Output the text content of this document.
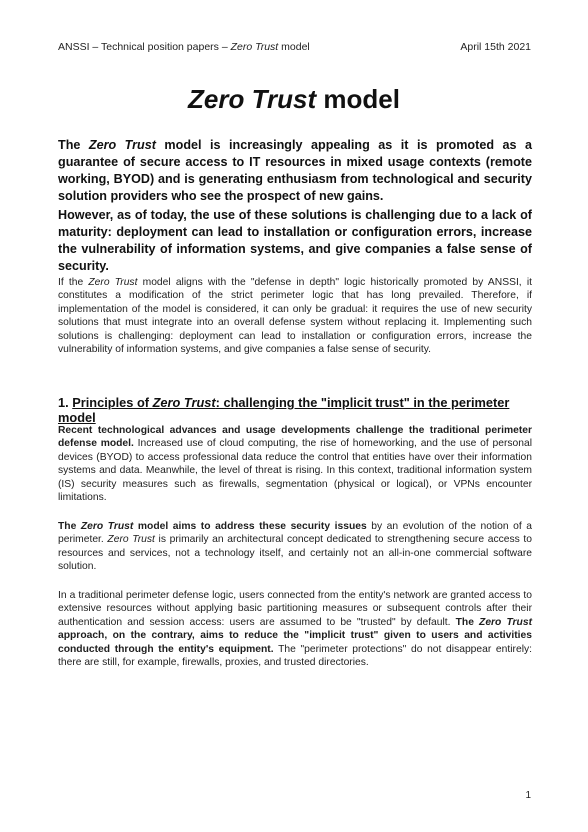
ANSSI – Technical position papers – Zero Trust model	April 15th 2021
Zero Trust model

The Zero Trust model is increasingly appealing as it is promoted as a guarantee of secure access to IT resources in mixed usage contexts (remote working, BYOD) and is generating enthusiasm from technological and security solution providers who see the prospect of new gains.

However, as of today, the use of these solutions is challenging due to a lack of maturity: deployment can lead to installation or configuration errors, increase the vulnerability of information systems, and give companies a false sense of security.

If the Zero Trust model aligns with the "defense in depth" logic historically promoted by ANSSI, it constitutes a modification of the strict perimeter logic that has long prevailed. Therefore, if implementation of the model is considered, it can only be gradual: it requires the use of new security solutions that must integrate into an overall defense system without replacing it. Implementing such solutions is challenging: deployment can lead to installation or configuration errors, increase the vulnerability of information systems, and give companies a false sense of security.

1. Principles of Zero Trust: challenging the "implicit trust" in the perimeter model

Recent technological advances and usage developments challenge the traditional perimeter defense model. Increased use of cloud computing, the rise of homeworking, and the use of personal devices (BYOD) to access professional data reduce the control that entities have over their information systems and data. Meanwhile, the level of threat is rising. In this context, traditional information system (IS) security measures such as firewalls, segmentation (physical or logical), or VPNs encounter limitations.

The Zero Trust model aims to address these security issues by an evolution of the notion of a perimeter. Zero Trust is primarily an architectural concept dedicated to strengthening secure access to resources and services, not a technology itself, and certainly not an all-in-one commercial software solution.

In a traditional perimeter defense logic, users connected from the entity's network are granted access to extensive resources without applying basic partitioning measures or subsequent controls after their authentication and session access: users are assumed to be "trusted" by default. The Zero Trust approach, on the contrary, aims to reduce the "implicit trust" given to users and activities conducted through the entity's equipment. The "perimeter protections" do not disappear entirely: there are still, for example, firewalls, proxies, and trusted directories.

1
